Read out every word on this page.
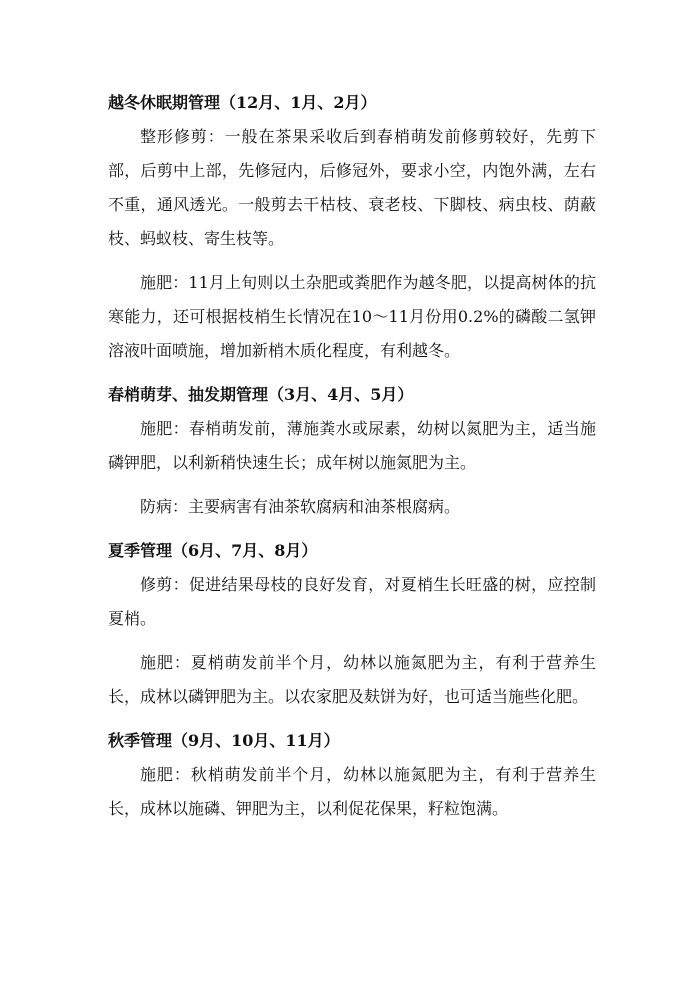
越冬休眠期管理（12月、1月、2月）

整形修剪：一般在茶果采收后到春梢萌发前修剪较好，先剪下部，后剪中上部，先修冠内，后修冠外，要求小空，内饱外满，左右不重，通风透光。一般剪去干枯枝、衰老枝、下脚枝、病虫枝、荫蔽枝、蚂蚁枝、寄生枝等。

施肥：11月上旬则以土杂肥或粪肥作为越冬肥，以提高树体的抗寒能力，还可根据枝梢生长情况在10～11月份用0.2%的磷酸二氢钾溶液叶面喷施，增加新梢木质化程度，有利越冬。

春梢萌芽、抽发期管理（3月、4月、5月）

施肥：春梢萌发前，薄施粪水或尿素，幼树以氮肥为主，适当施磷钾肥，以利新稍快速生长；成年树以施氮肥为主。

防病：主要病害有油茶软腐病和油茶根腐病。

夏季管理（6月、7月、8月）

修剪：促进结果母枝的良好发育，对夏梢生长旺盛的树，应控制夏梢。

施肥：夏梢萌发前半个月，幼林以施氮肥为主，有利于营养生长，成林以磷钾肥为主。以农家肥及麸饼为好，也可适当施些化肥。

秋季管理（9月、10月、11月）

施肥：秋梢萌发前半个月，幼林以施氮肥为主，有利于营养生长，成林以施磷、钾肥为主，以利促花保果，籽粒饱满。
